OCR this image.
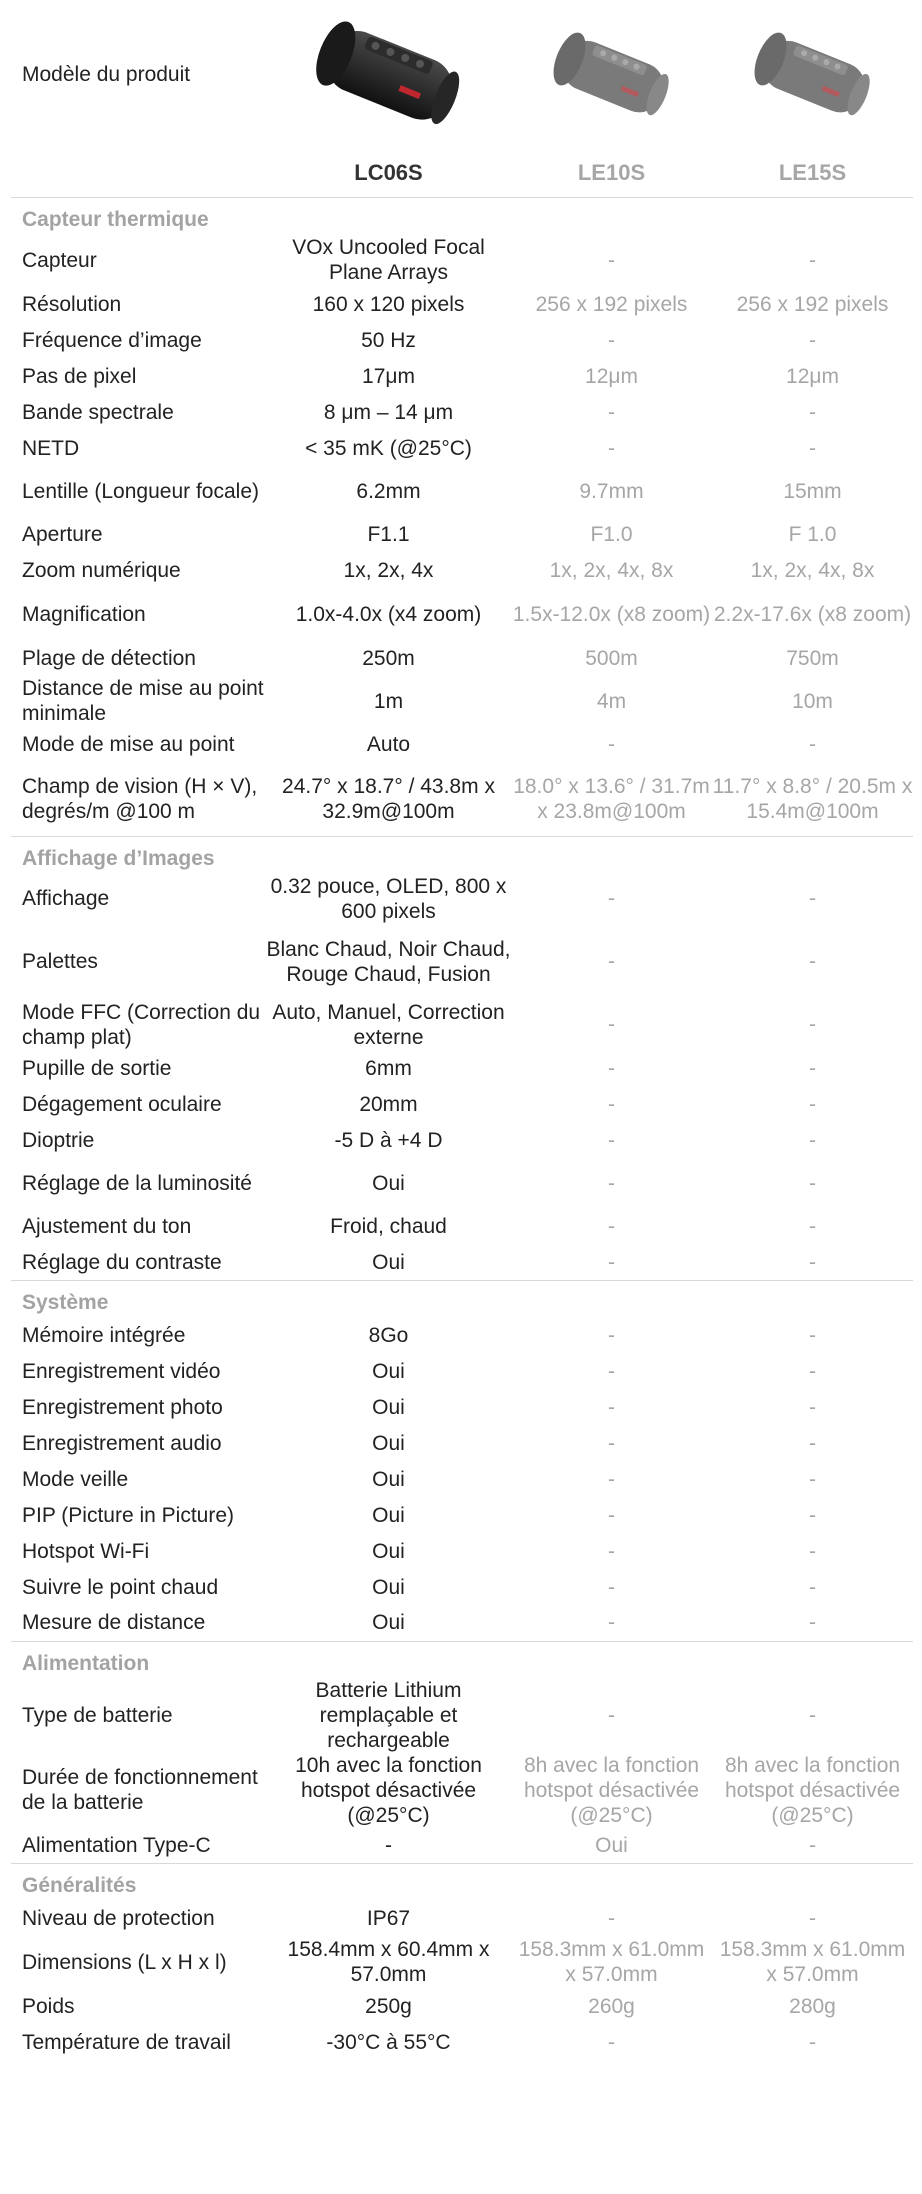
Modèle du produit	

	LC06S	LE10S	LE15S
Capteur thermique			
Capteur	VOx Uncooled Focal Plane Arrays	-	-
Résolution	160 x 120 pixels	256 x 192 pixels	256 x 192 pixels
Fréquence d’image	50 Hz	-	-
Pas de pixel	17μm	12μm	12μm
Bande spectrale	8 μm – 14 μm	-	-
NETD	< 35 mK (@25°C)	-	-
Lentille (Longueur focale)	6.2mm	9.7mm	15mm
Aperture	F1.1	F1.0	F 1.0
Zoom numérique	1x, 2x, 4x	1x, 2x, 4x, 8x	1x, 2x, 4x, 8x
Magnification	1.0x-4.0x (x4 zoom)	1.5x-12.0x (x8 zoom)	2.2x-17.6x (x8 zoom)
Plage de détection	250m	500m	750m
Distance de mise au point minimale	1m	4m	10m
Mode de mise au point	Auto	-	-
Champ de vision (H × V), degrés/m @100 m	24.7° x 18.7° / 43.8m x 32.9m@100m	18.0° x 13.6° / 31.7m x 23.8m@100m	11.7° x 8.8° / 20.5m x 15.4m@100m
Affichage d’Images			
Affichage	0.32 pouce, OLED, 800 x 600 pixels	-	-
Palettes	Blanc Chaud, Noir Chaud, Rouge Chaud, Fusion	-	-
Mode FFC (Correction du champ plat)	Auto, Manuel, Correction externe	-	-
Pupille de sortie	6mm	-	-
Dégagement oculaire	20mm	-	-
Dioptrie	-5 D à +4 D	-	-
Réglage de la luminosité	Oui	-	-
Ajustement du ton	Froid, chaud	-	-
Réglage du contraste	Oui	-	-
Système			
Mémoire intégrée	8Go	-	-
Enregistrement vidéo	Oui	-	-
Enregistrement photo	Oui	-	-
Enregistrement audio	Oui	-	-
Mode veille	Oui	-	-
PIP (Picture in Picture)	Oui	-	-
Hotspot Wi-Fi	Oui	-	-
Suivre le point chaud	Oui	-	-
Mesure de distance	Oui	-	-
Alimentation			
Type de batterie	Batterie Lithium remplaçable et rechargeable	-	-
Durée de fonctionnement de la batterie	10h avec la fonction hotspot désactivée (@25°C)	8h avec la fonction hotspot désactivée (@25°C)	8h avec la fonction hotspot désactivée (@25°C)
Alimentation Type-C	-	Oui	-
Généralités			
Niveau de protection	IP67	-	-
Dimensions (L x H x l)	158.4mm x 60.4mm x 57.0mm	158.3mm x 61.0mm x 57.0mm	158.3mm x 61.0mm x 57.0mm
Poids	250g	260g	280g
Température de travail	-30°C à 55°C	-	-
